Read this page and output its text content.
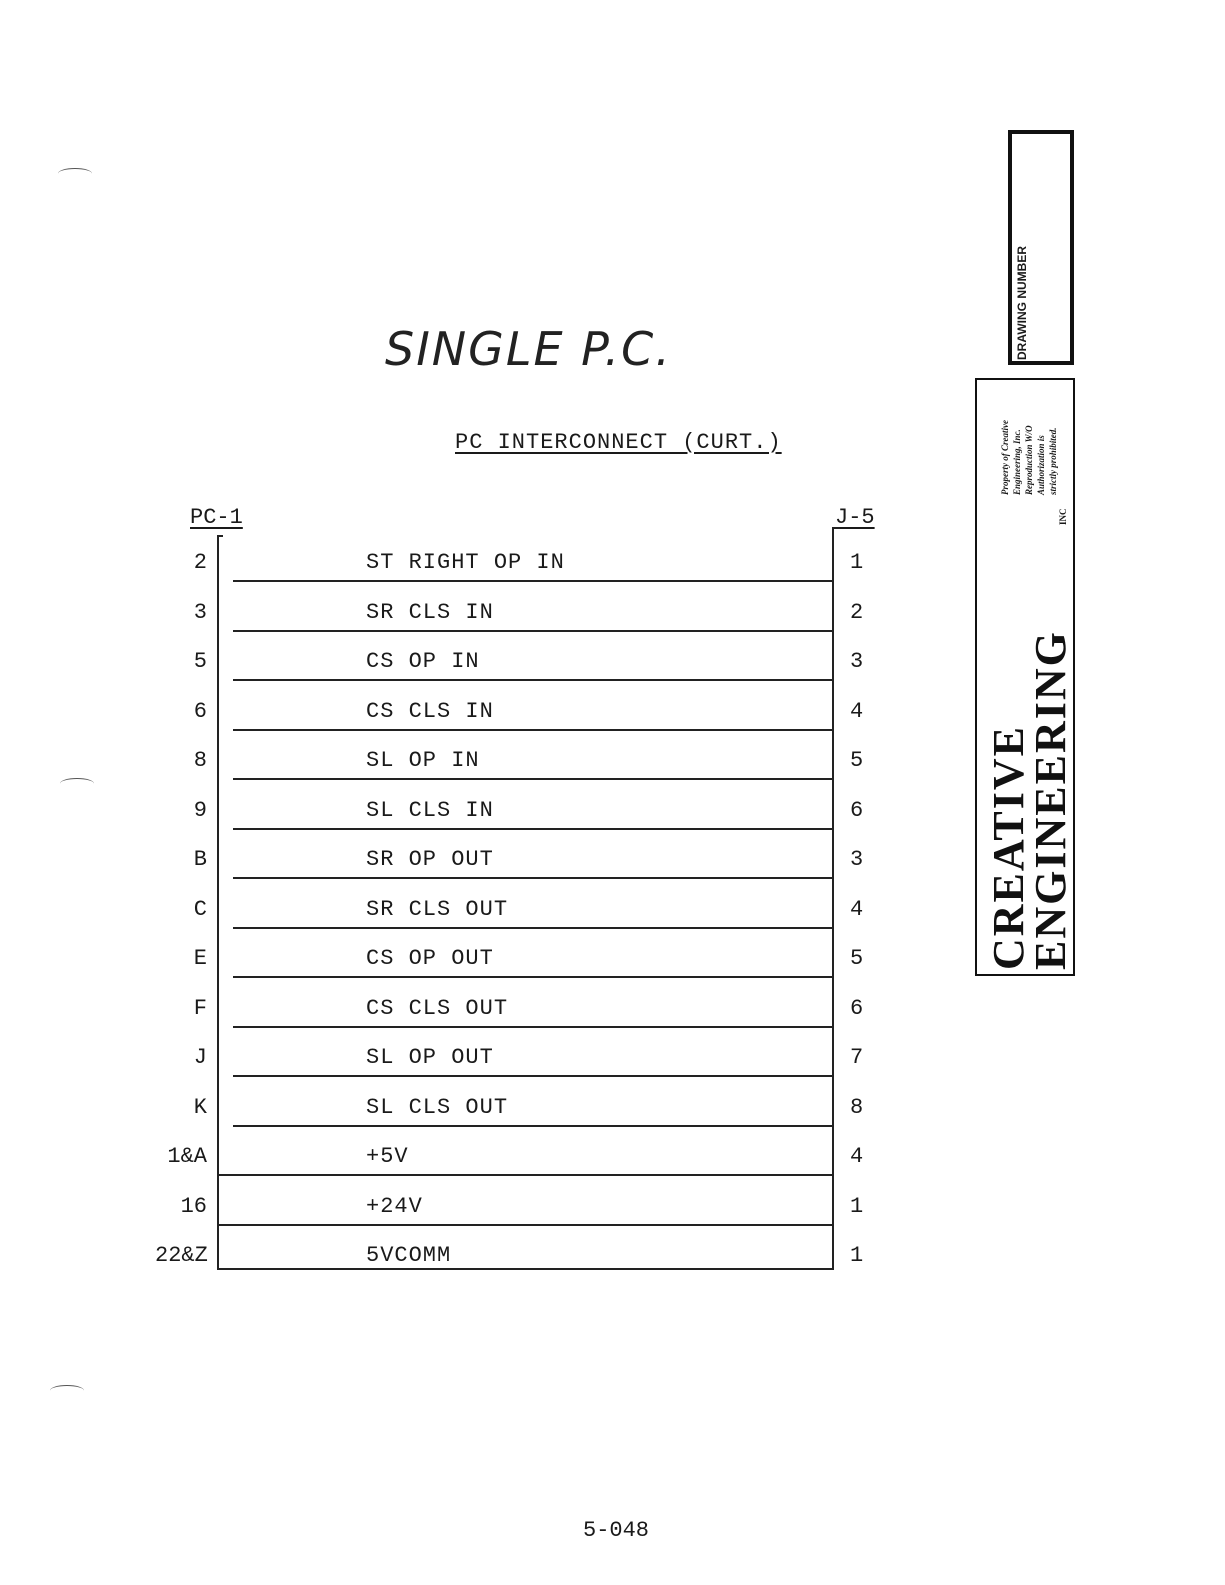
SINGLE P.C.
PC INTERCONNECT (CURT.)
PC-1	J-5
2	ST RIGHT OP IN	1
3	SR CLS IN	2
5	CS OP IN	3
6	CS CLS IN	4
8	SL OP IN	5
9	SL CLS IN	6
B	SR OP OUT	3
C	SR CLS OUT	4
E	CS OP OUT	5
F	CS CLS OUT	6
J	SL OP OUT	7
K	SL CLS OUT	8
1&A	+5V	4
16	+24V	1
22&Z	5VCOMM	1
DRAWING NUMBER
CREATIVE
ENGINEERING
INC
Property of Creative Engineering, Inc. Reproduction W/O Authorization is strictly prohibited.
5-048
